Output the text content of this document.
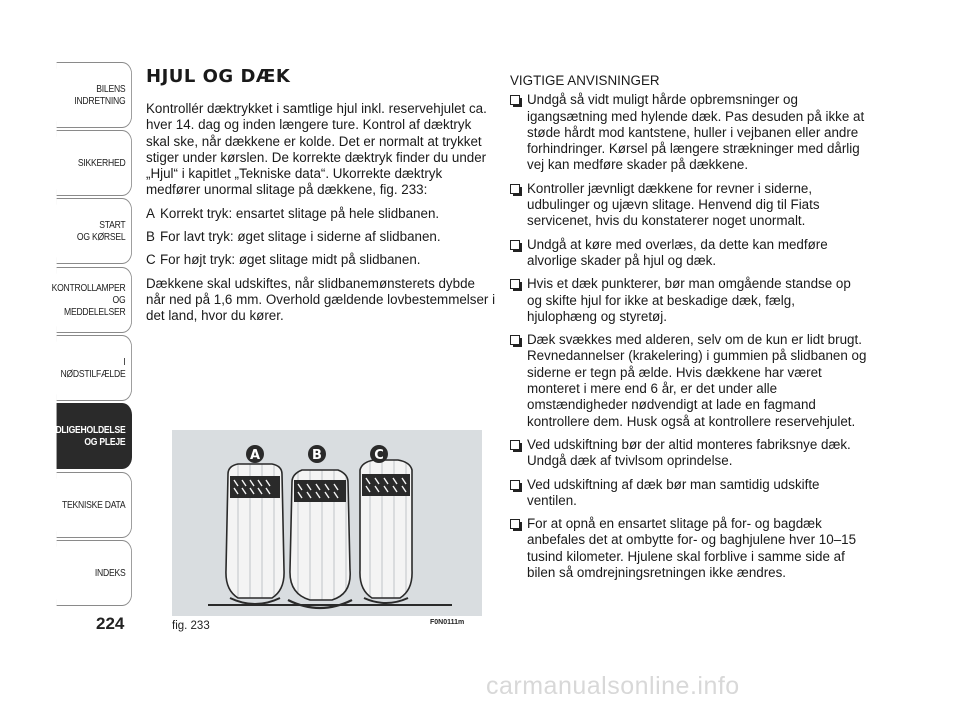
BILENS
INDRETNING
SIKKERHED
START
OG KØRSEL
KONTROLLAMPER
OG MEDDELELSER
I NØDSTILFÆLDE
VEDLIGEHOLDELSE
OG PLEJE
TEKNISKE DATA
INDEKS
224
HJUL OG DÆK

Kontrollér dæktrykket i samtlige hjul inkl. reservehjulet ca. hver 14. dag og inden længere ture. Kontrol af dæktryk skal ske, når dækkene er kolde. Det er normalt at trykket stiger under kørslen. De korrekte dæktryk finder du under „Hjul“ i kapitlet „Tekniske data“. Ukorrekte dæktryk medfører unormal slitage på dækkene, fig. 233:

A Korrekt tryk: ensartet slitage på hele slidbanen.
B For lavt tryk: øget slitage i siderne af slidbanen.
C For højt tryk: øget slitage midt på slidbanen.

Dækkene skal udskiftes, når slidbanemønsterets dybde når ned på 1,6 mm. Overhold gældende lovbestemmelser i det land, hvor du kører.

A	B	C
fig. 233	F0N0111m
VIGTIGE ANVISNINGER
Undgå så vidt muligt hårde opbremsninger og igangsætning med hylende dæk. Pas desuden på ikke at støde hårdt mod kantstene, huller i vejbanen eller andre forhindringer. Kørsel på længere strækninger med dårlig vej kan medføre skader på dækkene.
Kontroller jævnligt dækkene for revner i siderne, udbulinger og ujævn slitage. Henvend dig til Fiats servicenet, hvis du konstaterer noget unormalt.
Undgå at køre med overlæs, da dette kan medføre alvorlige skader på hjul og dæk.
Hvis et dæk punkterer, bør man omgående standse op og skifte hjul for ikke at beskadige dæk, fælg, hjulophæng og styretøj.
Dæk svækkes med alderen, selv om de kun er lidt brugt. Revnedannelser (krakelering) i gummien på slidbanen og siderne er tegn på ælde. Hvis dækkene har været monteret i mere end 6 år, er det under alle omstændigheder nødvendigt at lade en fagmand kontrollere dem. Husk også at kontrollere reservehjulet.
Ved udskiftning bør der altid monteres fabriksnye dæk. Undgå dæk af tvivlsom oprindelse.
Ved udskiftning af dæk bør man samtidig udskifte ventilen.
For at opnå en ensartet slitage på for- og bagdæk anbefales det at ombytte for- og baghjulene hver 10–15 tusind kilometer. Hjulene skal forblive i samme side af bilen så omdrejningsretningen ikke ændres.
carmanualsonline.info
